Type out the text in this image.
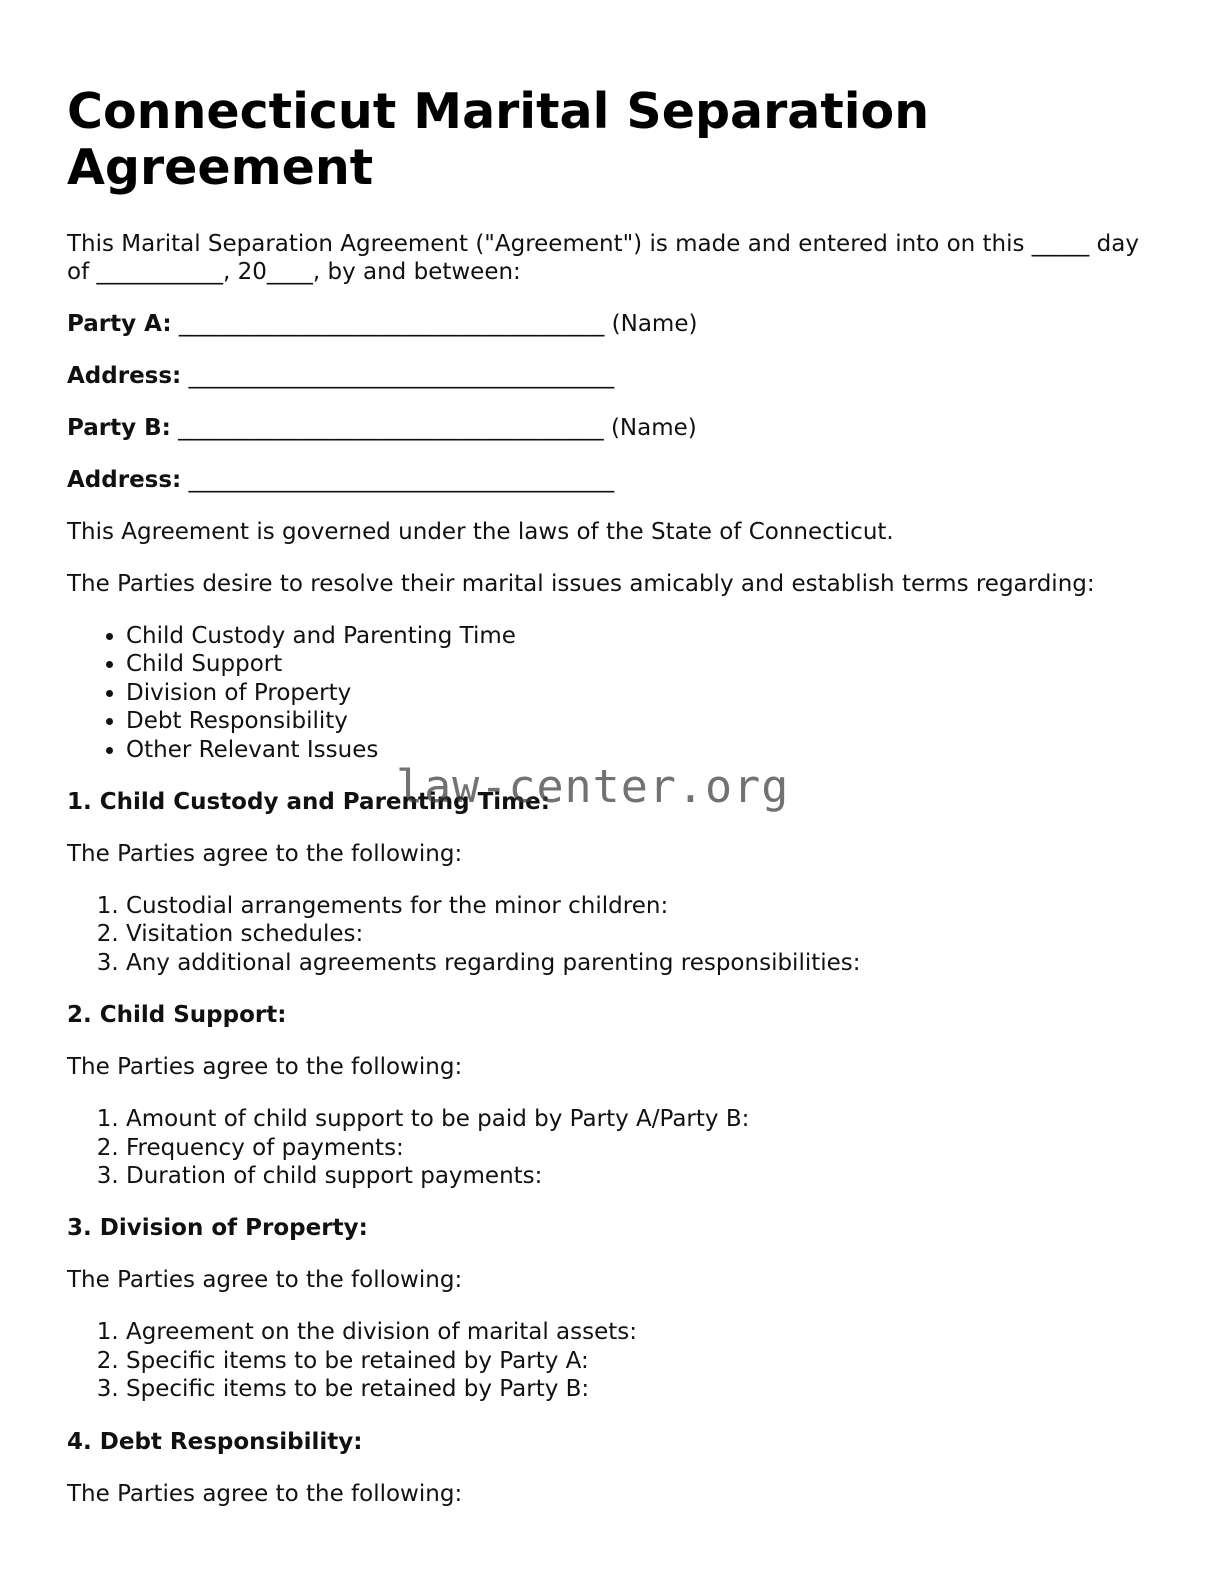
Connecticut Marital Separation Agreement

This Marital Separation Agreement ("Agreement") is made and entered into on this _____ day of ___________, 20____, by and between:

Party A: _____________________________________ (Name)

Address: _____________________________________

Party B: _____________________________________ (Name)

Address: _____________________________________

This Agreement is governed under the laws of the State of Connecticut.

The Parties desire to resolve their marital issues amicably and establish terms regarding:

• Child Custody and Parenting Time
• Child Support
• Division of Property
• Debt Responsibility
• Other Relevant Issues
1. Child Custody and Parenting Time:

The Parties agree to the following:

1. Custodial arrangements for the minor children:
2. Visitation schedules:
3. Any additional agreements regarding parenting responsibilities:
2. Child Support:

The Parties agree to the following:

1. Amount of child support to be paid by Party A/Party B:
2. Frequency of payments:
3. Duration of child support payments:
3. Division of Property:

The Parties agree to the following:

1. Agreement on the division of marital assets:
2. Specific items to be retained by Party A:
3. Specific items to be retained by Party B:
4. Debt Responsibility:

The Parties agree to the following:

law-center.org
